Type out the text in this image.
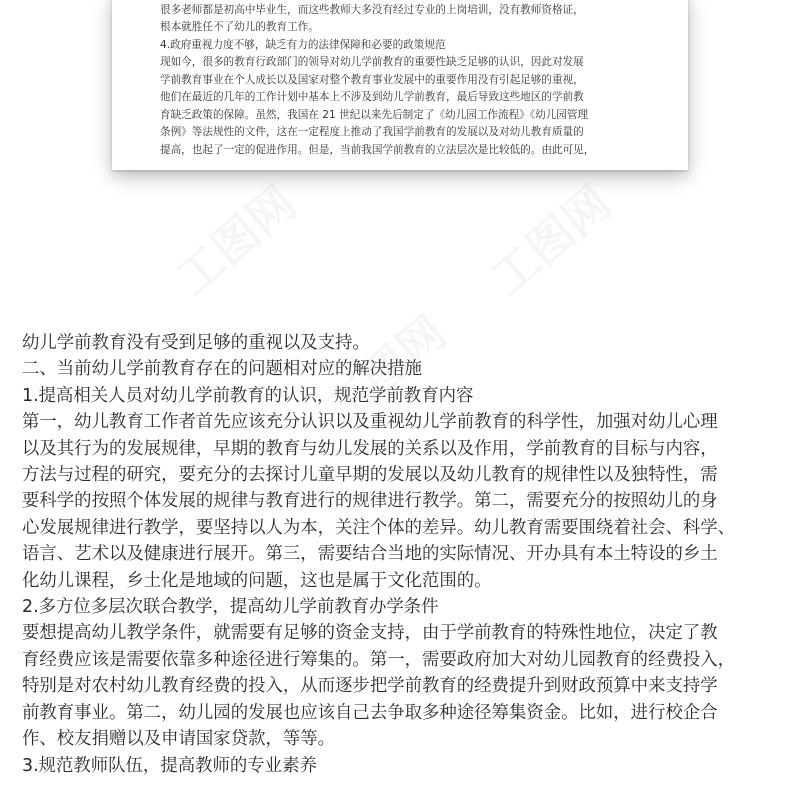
很多老师都是初高中毕业生，而这些教师大多没有经过专业的上岗培训，没有教师资格证，
根本就胜任不了幼儿的教育工作。
4.政府重视力度不够，缺乏有力的法律保障和必要的政策规范
现如今，很多的教育行政部门的领导对幼儿学前教育的重要性缺乏足够的认识，因此对发展
学前教育事业在个人成长以及国家对整个教育事业发展中的重要作用没有引起足够的重视，
他们在最近的几年的工作计划中基本上不涉及到幼儿学前教育，最后导致这些地区的学前教
育缺乏政策的保障。虽然，我国在 21 世纪以来先后制定了《幼儿园工作流程》《幼儿园管理
条例》等法规性的文件，这在一定程度上推动了我国学前教育的发展以及对幼儿教育质量的
提高，也起了一定的促进作用。但是，当前我国学前教育的立法层次是比较低的。由此可见，
幼儿学前教育没有受到足够的重视以及支持。
二、当前幼儿学前教育存在的问题相对应的解决措施
1.提高相关人员对幼儿学前教育的认识，规范学前教育内容
第一，幼儿教育工作者首先应该充分认识以及重视幼儿学前教育的科学性，加强对幼儿心理
以及其行为的发展规律，早期的教育与幼儿发展的关系以及作用，学前教育的目标与内容，
方法与过程的研究，要充分的去探讨儿童早期的发展以及幼儿教育的规律性以及独特性，需
要科学的按照个体发展的规律与教育进行的规律进行教学。第二，需要充分的按照幼儿的身
心发展规律进行教学，要坚持以人为本，关注个体的差异。幼儿教育需要围绕着社会、科学、
语言、艺术以及健康进行展开。第三，需要结合当地的实际情况、开办具有本土特设的乡土
化幼儿课程，乡土化是地域的问题，这也是属于文化范围的。
2.多方位多层次联合教学，提高幼儿学前教育办学条件
要想提高幼儿教学条件，就需要有足够的资金支持，由于学前教育的特殊性地位，决定了教
育经费应该是需要依靠多种途径进行筹集的。第一，需要政府加大对幼儿园教育的经费投入，
特别是对农村幼儿教育经费的投入，从而逐步把学前教育的经费提升到财政预算中来支持学
前教育事业。第二，幼儿园的发展也应该自己去争取多种途径筹集资金。比如，进行校企合
作、校友捐赠以及申请国家贷款，等等。
3.规范教师队伍，提高教师的专业素养
